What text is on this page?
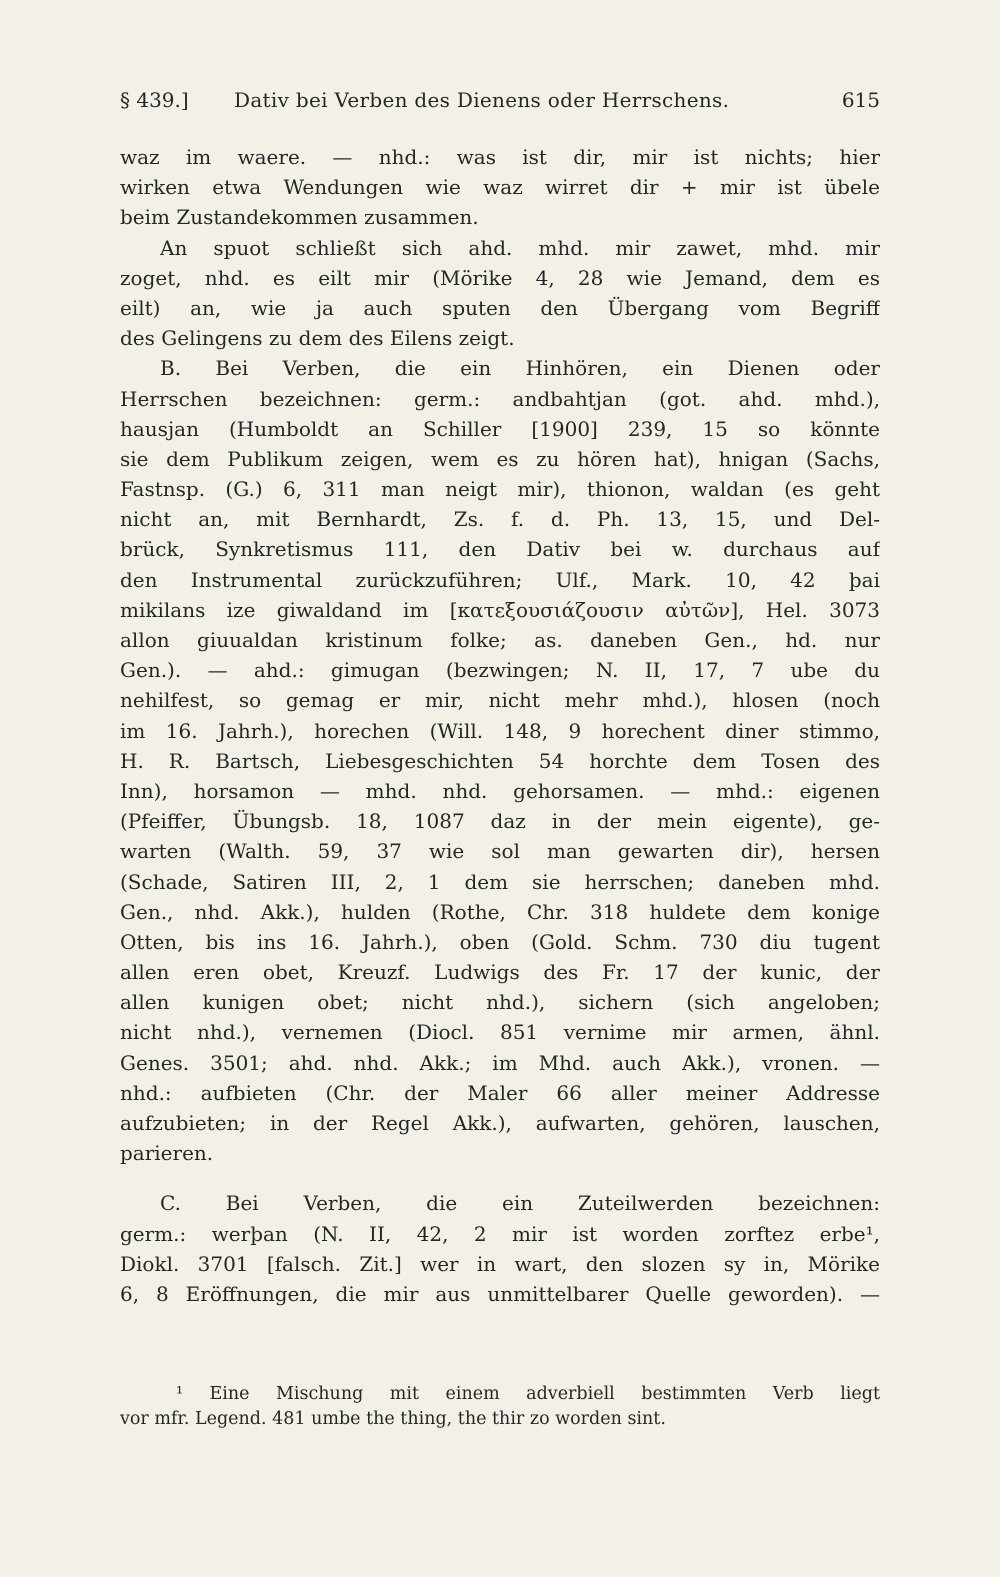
§ 439.] Dativ bei Verben des Dienens oder Herrschens.	615
waz im waere. — nhd.: was ist dir, mir ist nichts; hier
wirken etwa Wendungen wie waz wirret dir + mir ist übele
beim Zustandekommen zusammen.
An spuot schließt sich ahd. mhd. mir zawet, mhd. mir
zoget, nhd. es eilt mir (Mörike 4, 28 wie Jemand, dem es
eilt) an, wie ja auch sputen den Übergang vom Begriff
des Gelingens zu dem des Eilens zeigt.
B. Bei Verben, die ein Hinhören, ein Dienen oder
Herrschen bezeichnen: germ.: andbahtjan (got. ahd. mhd.),
hausjan (Humboldt an Schiller [1900] 239, 15 so könnte
sie dem Publikum zeigen, wem es zu hören hat), hnigan (Sachs,
Fastnsp. (G.) 6, 311 man neigt mir), thionon, waldan (es geht
nicht an, mit Bernhardt, Zs. f. d. Ph. 13, 15, und Del-
brück, Synkretismus 111, den Dativ bei w. durchaus auf
den Instrumental zurückzuführen; Ulf., Mark. 10, 42 þai
mikilans ize giwaldand im [κατεξουσιάζουσιν αὐτῶν], Hel. 3073
allon giuualdan kristinum folke; as. daneben Gen., hd. nur
Gen.). — ahd.: gimugan (bezwingen; N. II, 17, 7 ube du
nehilfest, so gemag er mir, nicht mehr mhd.), hlosen (noch
im 16. Jahrh.), horechen (Will. 148, 9 horechent diner stimmo,
H. R. Bartsch, Liebesgeschichten 54 horchte dem Tosen des
Inn), horsamon — mhd. nhd. gehorsamen. — mhd.: eigenen
(Pfeiffer, Übungsb. 18, 1087 daz in der mein eigente), ge-
warten (Walth. 59, 37 wie sol man gewarten dir), hersen
(Schade, Satiren III, 2, 1 dem sie herrschen; daneben mhd.
Gen., nhd. Akk.), hulden (Rothe, Chr. 318 huldete dem konige
Otten, bis ins 16. Jahrh.), oben (Gold. Schm. 730 diu tugent
allen eren obet, Kreuzf. Ludwigs des Fr. 17 der kunic, der
allen kunigen obet; nicht nhd.), sichern (sich angeloben;
nicht nhd.), vernemen (Diocl. 851 vernime mir armen, ähnl.
Genes. 3501; ahd. nhd. Akk.; im Mhd. auch Akk.), vronen. —
nhd.: aufbieten (Chr. der Maler 66 aller meiner Addresse
aufzubieten; in der Regel Akk.), aufwarten, gehören, lauschen,
parieren.
C. Bei Verben, die ein Zuteilwerden bezeichnen:
germ.: werþan (N. II, 42, 2 mir ist worden zorftez erbe¹,
Diokl. 3701 [falsch. Zit.] wer in wart, den slozen sy in, Mörike
6, 8 Eröffnungen, die mir aus unmittelbarer Quelle geworden). —
¹ Eine Mischung mit einem adverbiell bestimmten Verb liegt
vor mfr. Legend. 481 umbe the thing, the thir zo worden sint.
